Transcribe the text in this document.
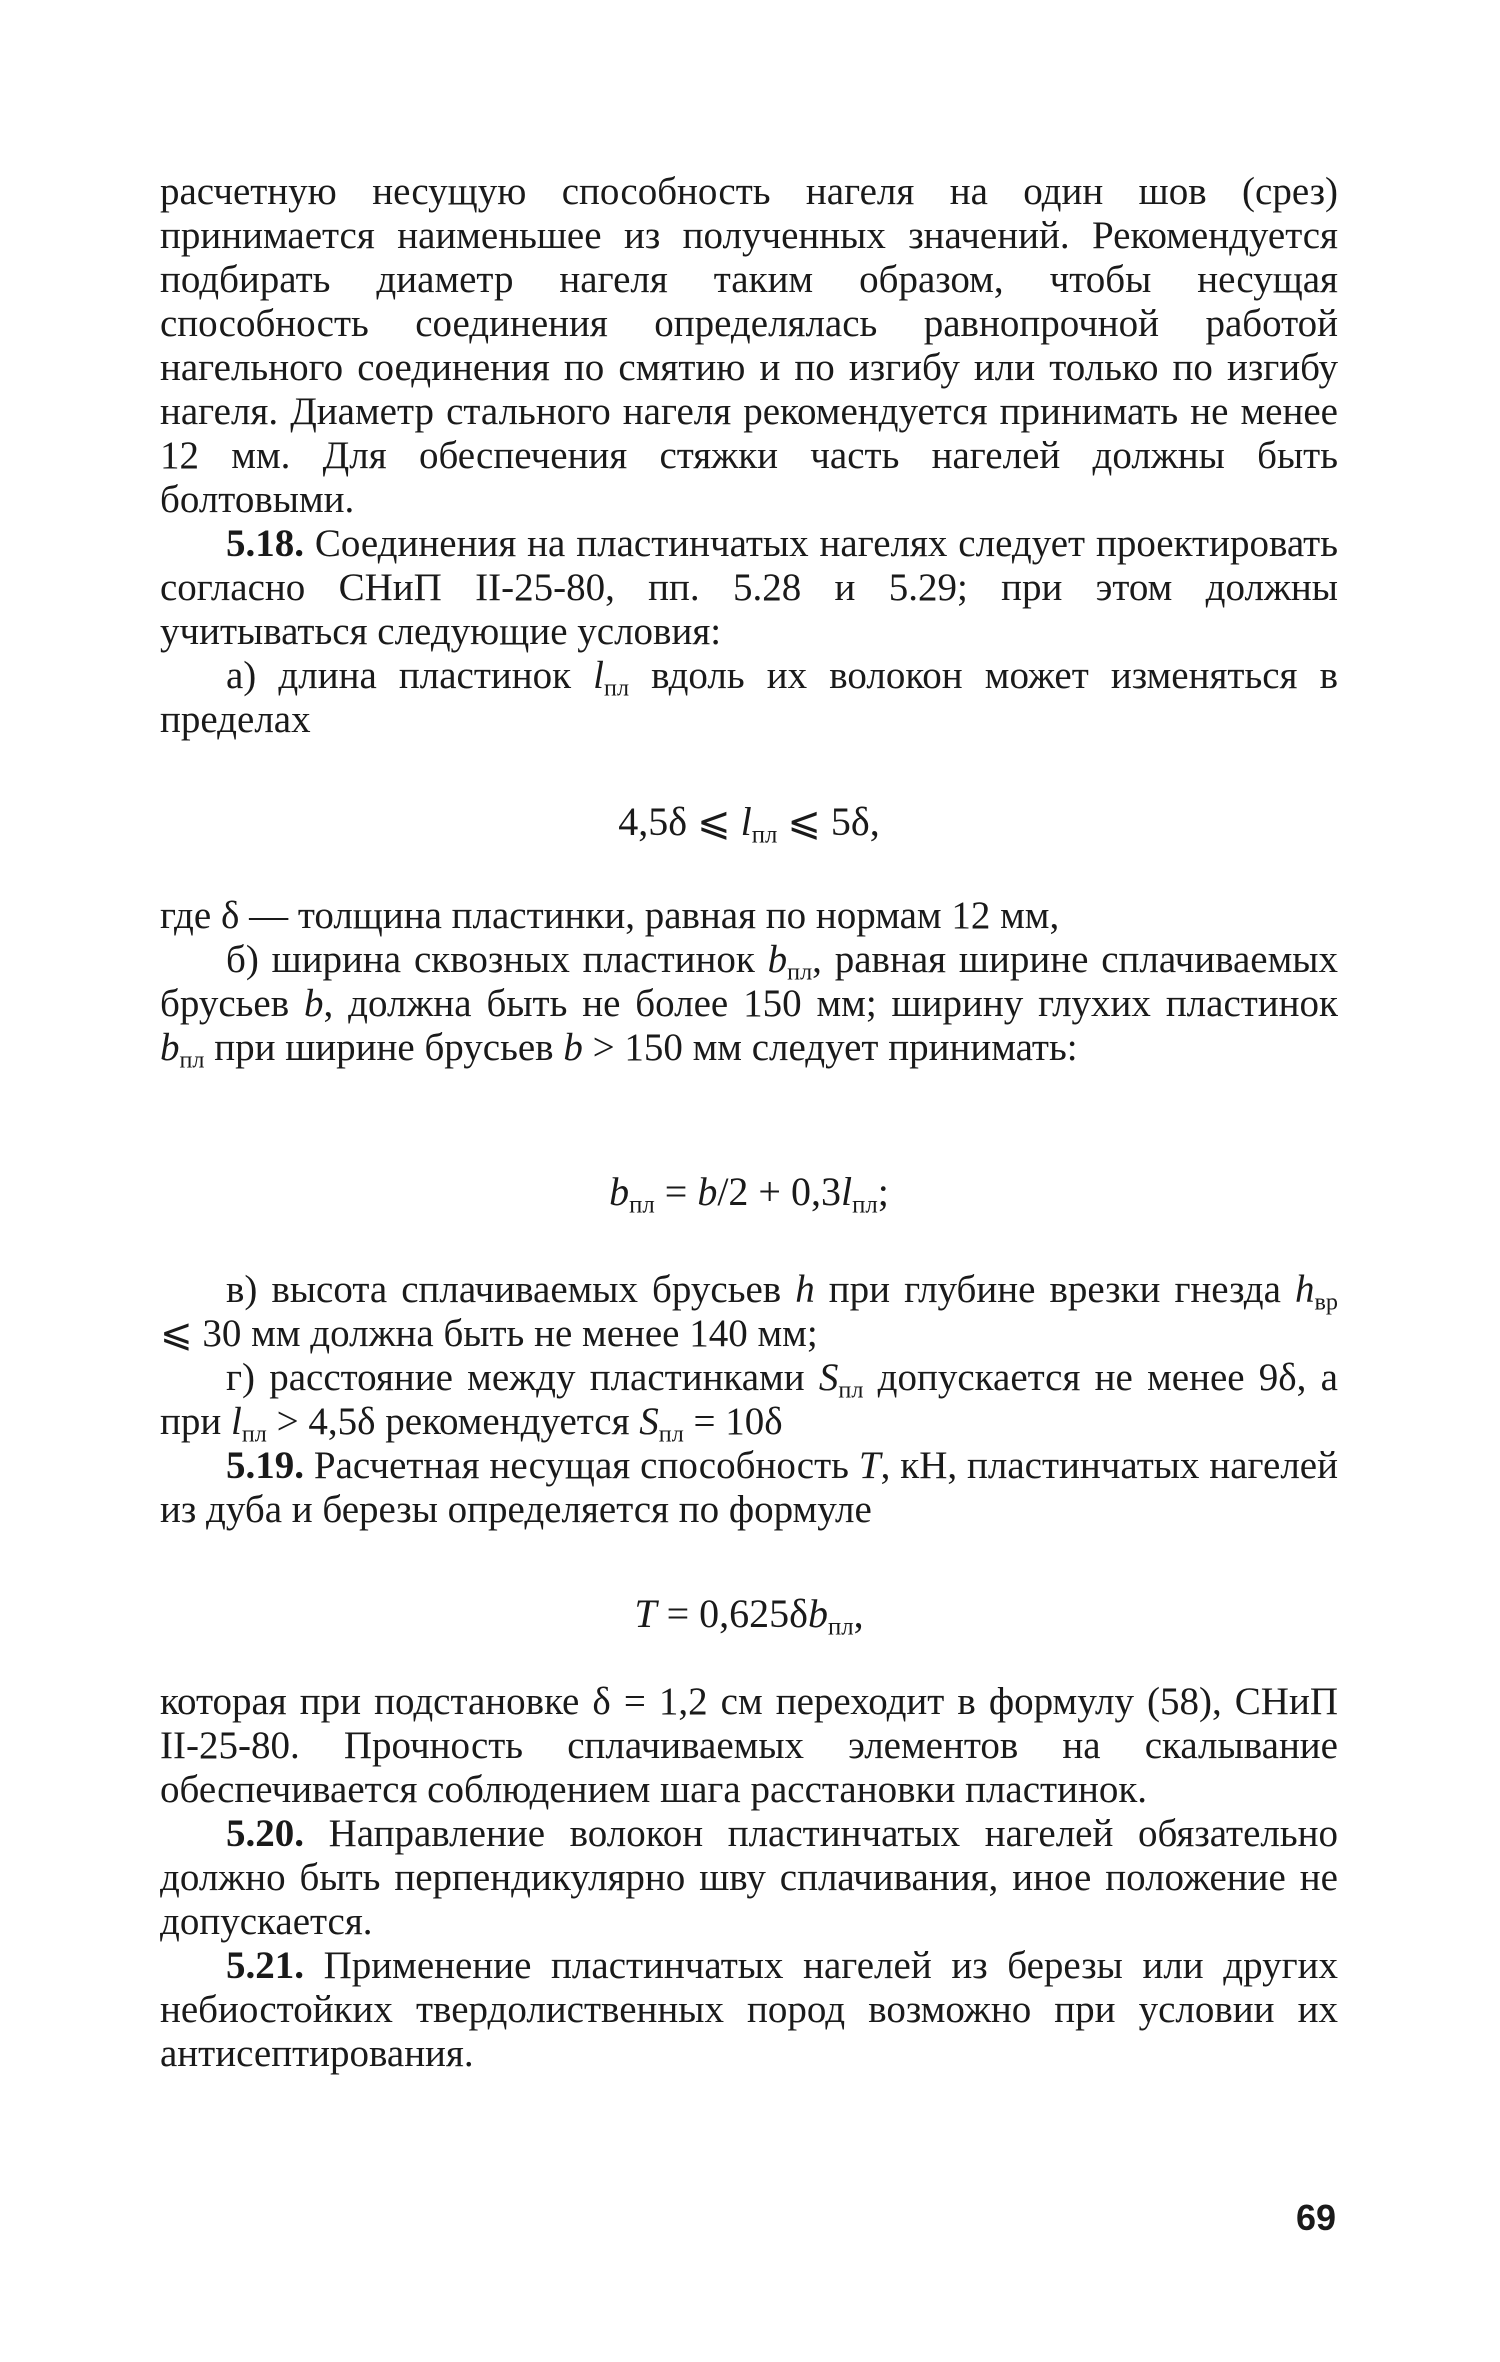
расчетную несущую способность нагеля на один шов (срез) принимается наименьшее из полученных значений. Рекомендуется подбирать диаметр нагеля таким образом, чтобы несущая способность соединения определялась равнопрочной работой нагельного соединения по смятию и по изгибу или только по изгибу нагеля. Диаметр стального нагеля рекомендуется принимать не менее 12 мм. Для обеспечения стяжки часть нагелей должны быть болтовыми.

5.18. Соединения на пластинчатых нагелях следует проектировать согласно СНиП II-25-80, пп. 5.28 и 5.29; при этом должны учитываться следующие условия:

а) длина пластинок $l_{пл}$ вдоль их волокон может изменяться в пределах

4,5δ ⩽ $l_{пл}$ ⩽ 5δ,

где δ — толщина пластинки, равная по нормам 12 мм,

б) ширина сквозных пластинок $b_{пл}$, равная ширине сплачиваемых брусьев b, должна быть не более 150 мм; ширину глухих пластинок $b_{пл}$ при ширине брусьев b > 150 мм следует принимать:

$b_{пл} = b/2 + 0,3l_{пл}$;

в) высота сплачиваемых брусьев h при глубине врезки гнезда $h_{вр}$ ⩽ 30 мм должна быть не менее 140 мм;

г) расстояние между пластинками $S_{пл}$ допускается не менее 9δ, а при $l_{пл} > 4,5\delta$ рекомендуется $S_{пл} = 10\delta$

5.19. Расчетная несущая способность T, кН, пластинчатых нагелей из дуба и березы определяется по формуле

$T = 0,625\delta b_{пл}$,

которая при подстановке δ = 1,2 см переходит в формулу (58), СНиП II-25-80. Прочность сплачиваемых элементов на скалывание обеспечивается соблюдением шага расстановки пластинок.

5.20. Направление волокон пластинчатых нагелей обязательно должно быть перпендикулярно шву сплачивания, иное положение не допускается.

5.21. Применение пластинчатых нагелей из березы или других небиостойких твердолиственных пород возможно при условии их антисептирования.

69
